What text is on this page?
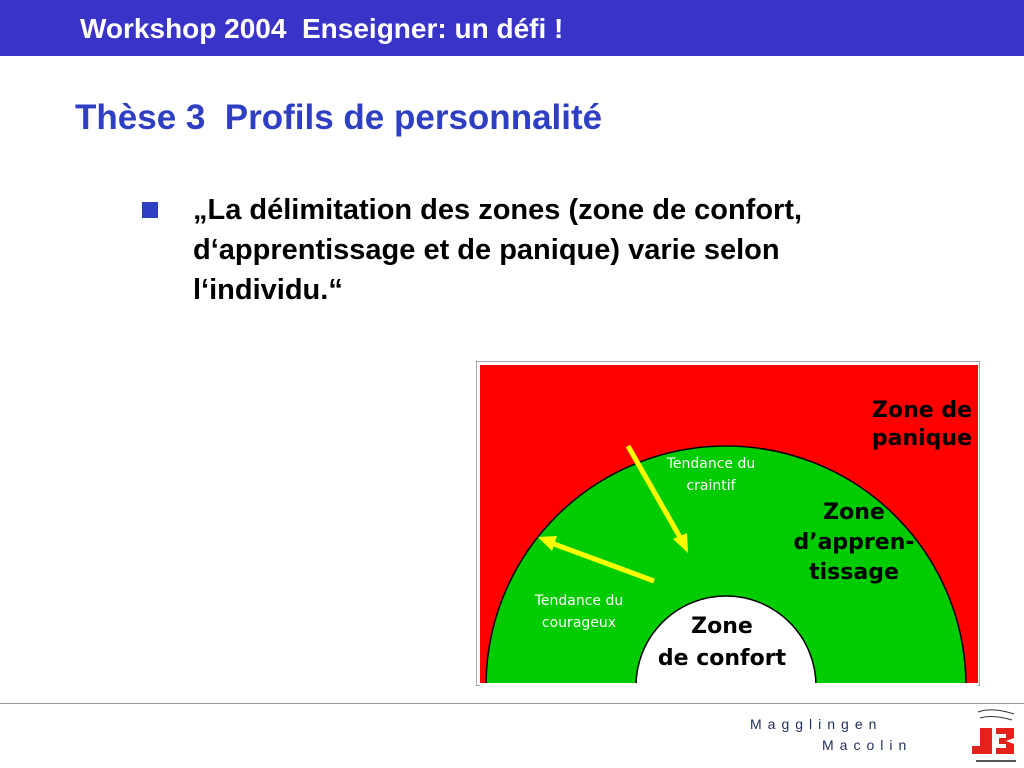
Workshop 2004  Enseigner: un défi !
Thèse 3  Profils de personnalité
„La délimitation des zones (zone de confort,
d‘apprentissage et de panique) varie selon
l‘individu.“
Zone de
panique
Zone
d’appren-
tissage
Zone
de confort
Tendance du
craintif
Tendance du
courageux
Magglingen
Macolin
